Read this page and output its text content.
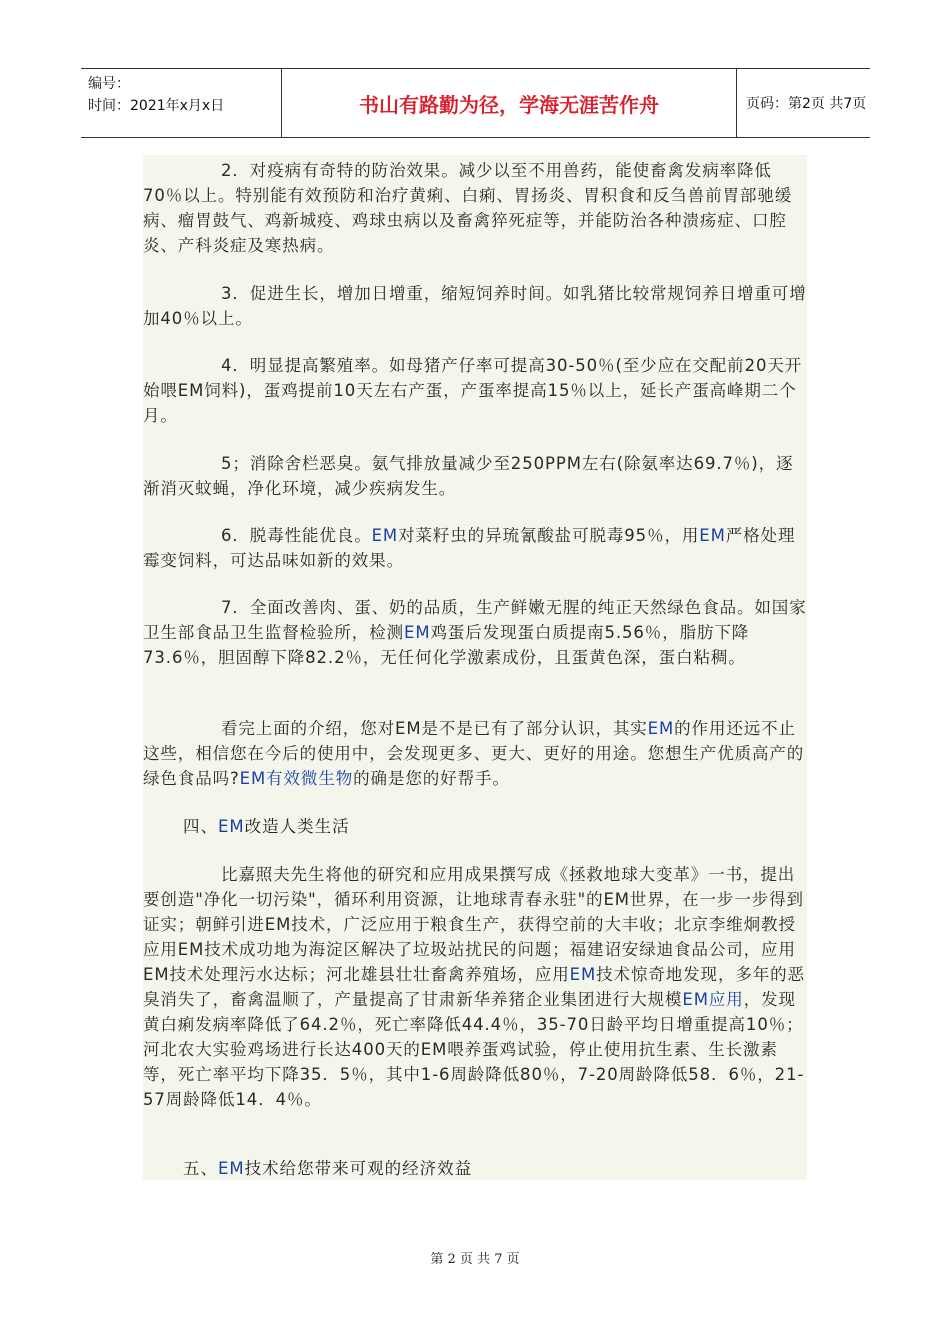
编号：
时间：2021年x月x日	书山有路勤为径，学海无涯苦作舟	页码：第2页 共7页

2．对疫病有奇特的防治效果。减少以至不用兽药，能使畜禽发病率降低70％以上。特别能有效预防和治疗黄痢、白痢、胃扬炎、胃积食和反刍兽前胃部驰缓病、瘤胃鼓气、鸡新城疫、鸡球虫病以及畜禽猝死症等，并能防治各种溃疡症、口腔炎、产科炎症及寒热病。

3．促进生长，增加日增重，缩短饲养时间。如乳猪比较常规饲养日增重可增加40％以上。

4．明显提高繁殖率。如母猪产仔率可提高30-50％(至少应在交配前20天开始喂EM饲料)，蛋鸡提前10天左右产蛋，产蛋率提高15％以上，延长产蛋高峰期二个月。

5；消除舍栏恶臭。氨气排放量减少至250PPM左右(除氨率达69.7％)，逐渐消灭蚊蝇，净化环境，减少疾病发生。

6．脱毒性能优良。EM对菜籽虫的异琉氰酸盐可脱毒95％，用EM严格处理霉变饲料，可达品味如新的效果。

7．全面改善肉、蛋、奶的品质，生产鲜嫩无腥的纯正天然绿色食品。如国家卫生部食品卫生监督检验所，检测EM鸡蛋后发现蛋白质提南5.56％，脂肪下降73.6％，胆固醇下降82.2％，无任何化学激素成份，且蛋黄色深，蛋白粘稠。

看完上面的介绍，您对EM是不是已有了部分认识，其实EM的作用还远不止这些，相信您在今后的使用中，会发现更多、更大、更好的用途。您想生产优质高产的绿色食品吗?EM有效微生物的确是您的好帮手。

四、EM改造人类生活

比嘉照夫先生将他的研究和应用成果撰写成《拯救地球大变革》一书，提出要创造"净化一切污染"，循环利用资源，让地球青春永驻"的EM世界，在一步一步得到证实；朝鲜引进EM技术，广泛应用于粮食生产，获得空前的大丰收；北京李维炯教授应用EM技术成功地为海淀区解决了垃圾站扰民的问题；福建诏安绿迪食品公司，应用EM技术处理污水达标；河北雄县壮壮畜禽养殖场，应用EM技术惊奇地发现，多年的恶臭消失了，畜禽温顺了，产量提高了甘肃新华养猪企业集团进行大规模EM应用，发现黄白痢发病率降低了64.2％，死亡率降低44.4％，35-70日龄平均日增重提高10％；河北农大实验鸡场进行长达400天的EM喂养蛋鸡试验，停止使用抗生素、生长激素等，死亡率平均下降35．5％，其中1-6周龄降低80％，7-20周龄降低58．6％，21-57周龄降低14．4％。

五、EM技术给您带来可观的经济效益

第 2 页 共 7 页
